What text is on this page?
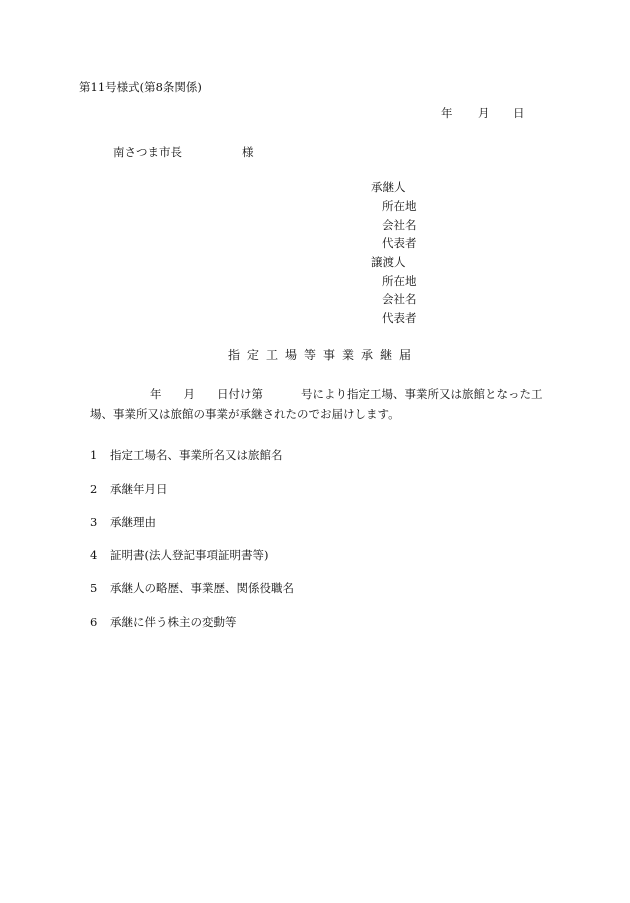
第11号様式(第8条関係)
年 月 日
南さつま市長	様
承継人
所在地
会社名
代表者
譲渡人
所在地
会社名
代表者
指定工場等事業承継届
年 月 日付け第	号により指定工場、事業所又は旅館となった工
場、事業所又は旅館の事業が承継されたのでお届けします。
1 指定工場名、事業所名又は旅館名
2 承継年月日
3 承継理由
4 証明書(法人登記事項証明書等)
5 承継人の略歴、事業歴、関係役職名
6 承継に伴う株主の変動等
